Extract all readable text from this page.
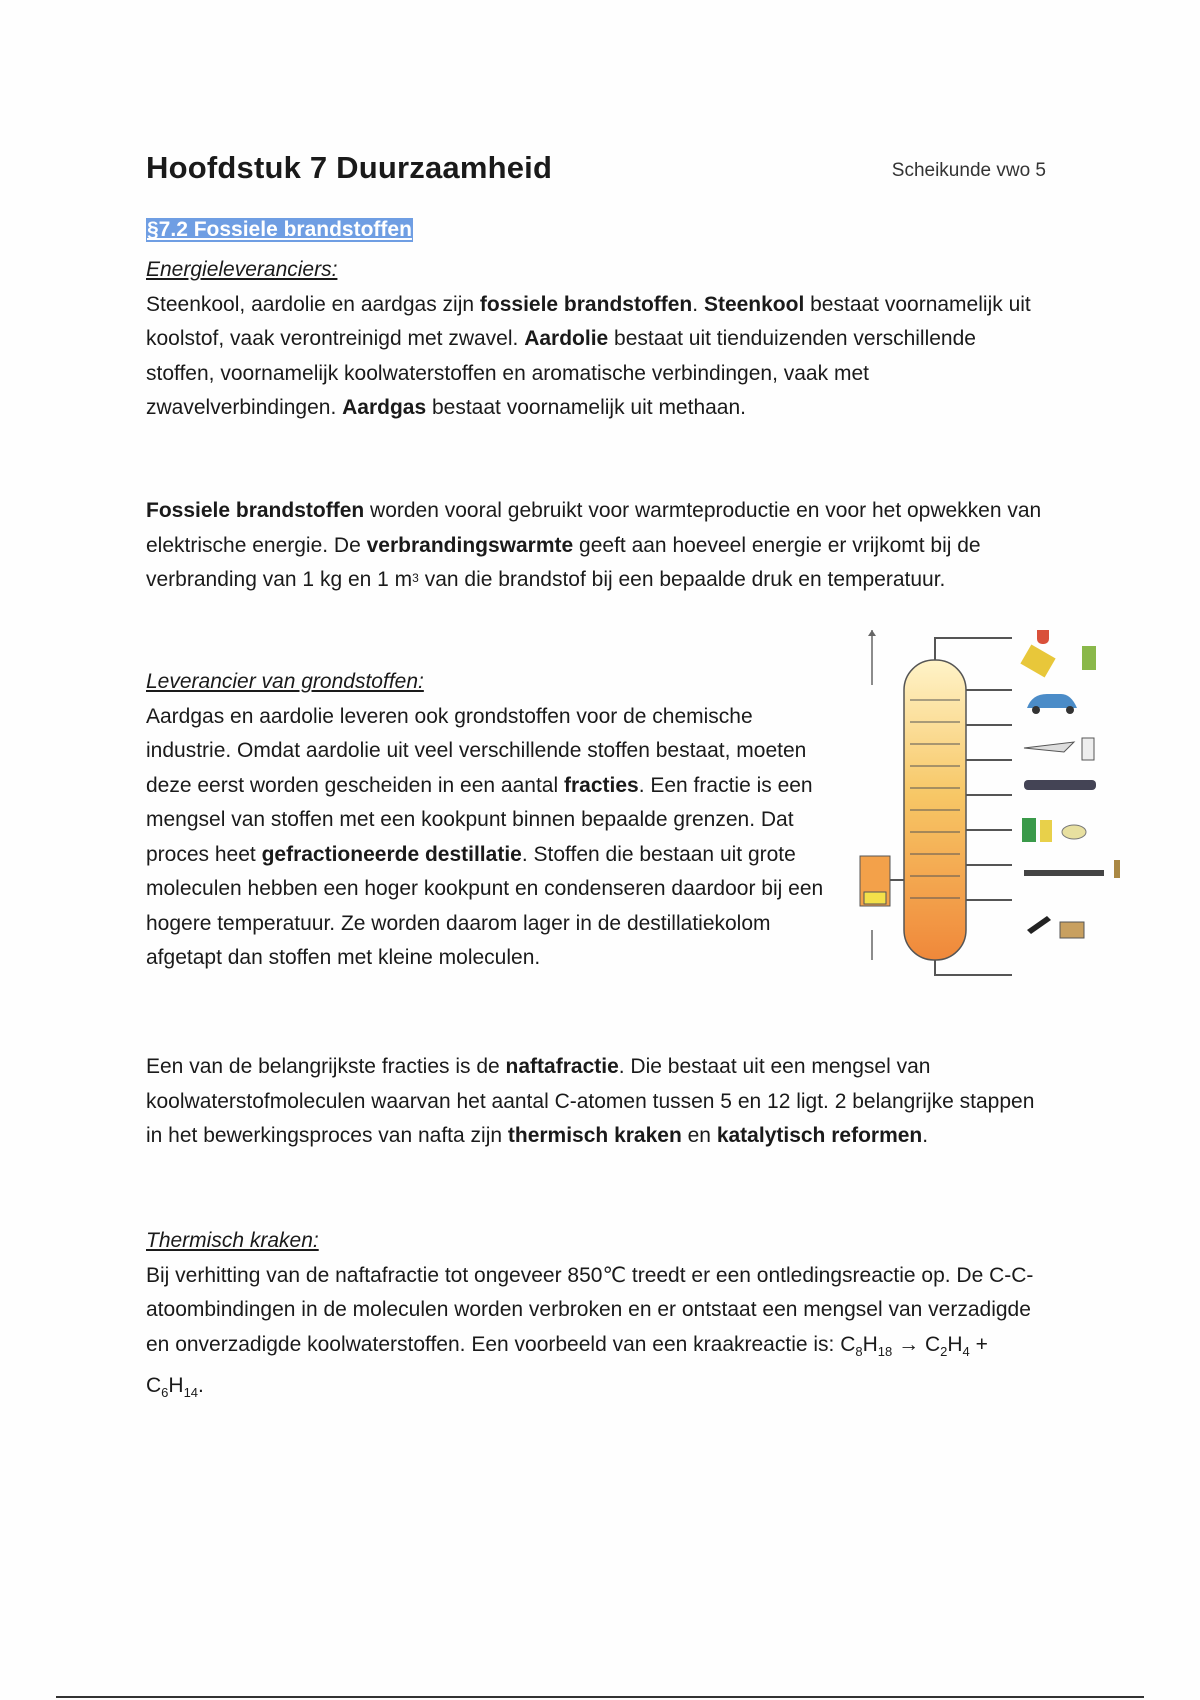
Hoofdstuk 7 Duurzaamheid	Scheikunde vwo 5
§7.2 Fossiele brandstoffen
Energieleveranciers:
Steenkool, aardolie en aardgas zijn fossiele brandstoffen. Steenkool bestaat voornamelijk uit koolstof, vaak verontreinigd met zwavel. Aardolie bestaat uit tienduizenden verschillende stoffen, voornamelijk koolwaterstoffen en aromatische verbindingen, vaak met zwavelverbindingen. Aardgas bestaat voornamelijk uit methaan.
Fossiele brandstoffen worden vooral gebruikt voor warmteproductie en voor het opwekken van elektrische energie. De verbrandingswarmte geeft aan hoeveel energie er vrijkomt bij de verbranding van 1 kg en 1 $m^3$ van die brandstof bij een bepaalde druk en temperatuur.
Leverancier van grondstoffen:
Aardgas en aardolie leveren ook grondstoffen voor de chemische industrie. Omdat aardolie uit veel verschillende stoffen bestaat, moeten deze eerst worden gescheiden in een aantal fracties. Een fractie is een mengsel van stoffen met een kookpunt binnen bepaalde grenzen. Dat proces heet gefractioneerde destillatie. Stoffen die bestaan uit grote moleculen hebben een hoger kookpunt en condenseren daardoor bij een hogere temperatuur. Ze worden daarom lager in de destillatiekolom afgetapt dan stoffen met kleine moleculen.
Een van de belangrijkste fracties is de naftafractie. Die bestaat uit een mengsel van koolwaterstofmoleculen waarvan het aantal C-atomen tussen 5 en 12 ligt. 2 belangrijke stappen in het bewerkingsproces van nafta zijn thermisch kraken en katalytisch reformen.
Thermisch kraken:
Bij verhitting van de naftafractie tot ongeveer 850℃ treedt er een ontledingsreactie op. De C-C-atoombindingen in de moleculen worden verbroken en er ontstaat een mengsel van verzadigde en onverzadigde koolwaterstoffen. Een voorbeeld van een kraakreactie is: $C_8H_{18} \to C_2H_4 + C_6H_{14}$.
